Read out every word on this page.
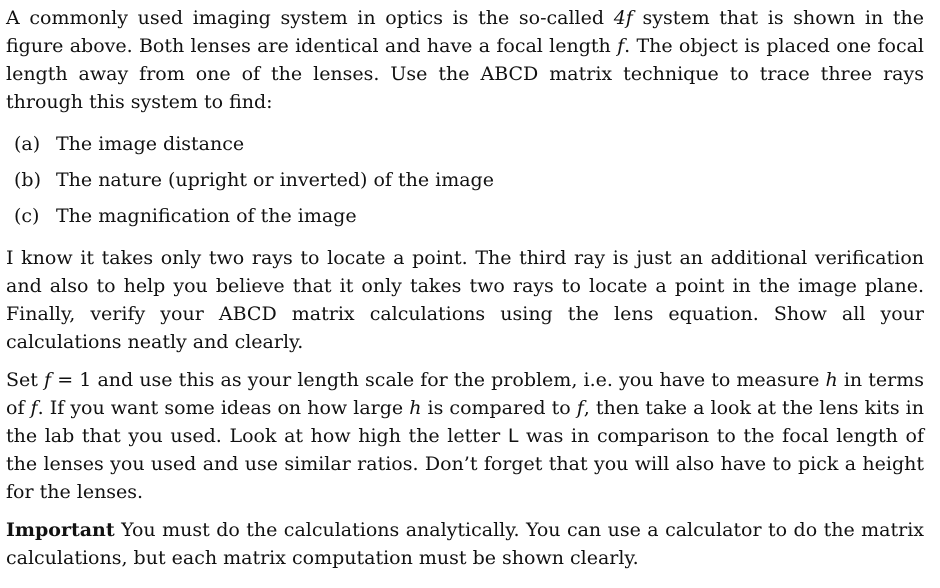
A commonly used imaging system in optics is the so-called 4f system that is shown in the figure above. Both lenses are identical and have a focal length f. The object is placed one focal length away from one of the lenses. Use the ABCD matrix technique to trace three rays through this system to find:

(a) The image distance
(b) The nature (upright or inverted) of the image
(c) The magnification of the image

I know it takes only two rays to locate a point. The third ray is just an additional verification and also to help you believe that it only takes two rays to locate a point in the image plane. Finally, verify your ABCD matrix calculations using the lens equation. Show all your calculations neatly and clearly.

Set f = 1 and use this as your length scale for the problem, i.e. you have to measure h in terms of f. If you want some ideas on how large h is compared to f, then take a look at the lens kits in the lab that you used. Look at how high the letter L was in comparison to the focal length of the lenses you used and use similar ratios. Don’t forget that you will also have to pick a height for the lenses.

Important You must do the calculations analytically. You can use a calculator to do the matrix calculations, but each matrix computation must be shown clearly.
